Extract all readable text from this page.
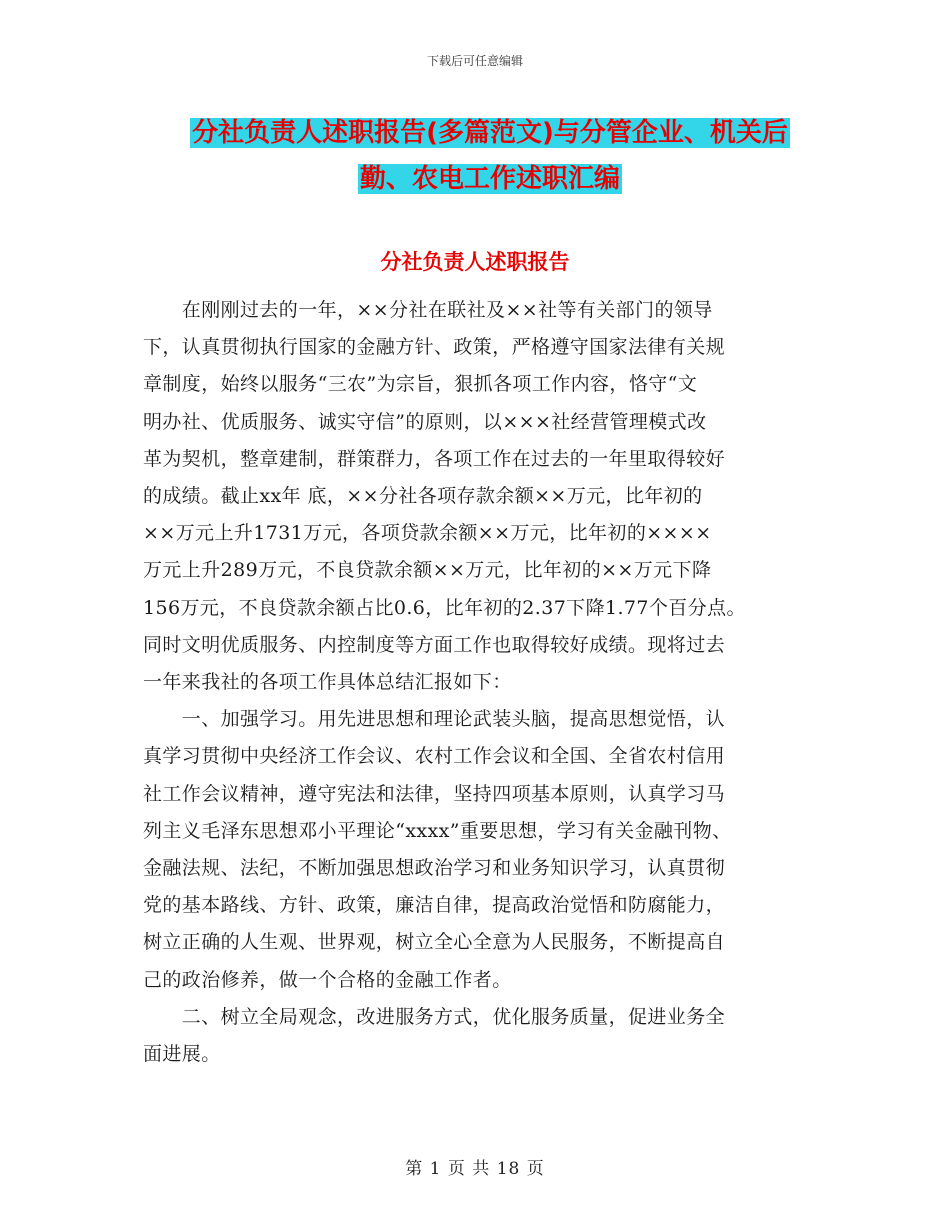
下载后可任意编辑
分社负责人述职报告(多篇范文)与分管企业、机关后
勤、农电工作述职汇编
分社负责人述职报告

　　在刚刚过去的一年，××分社在联社及××社等有关部门的领导
下，认真贯彻执行国家的金融方针、政策，严格遵守国家法律有关规
章制度，始终以服务“三农”为宗旨，狠抓各项工作内容，恪守“文
明办社、优质服务、诚实守信”的原则，以×××社经营管理模式改
革为契机，整章建制，群策群力，各项工作在过去的一年里取得较好
的成绩。截止xx年 底，××分社各项存款余额××万元，比年初的
××万元上升1731万元，各项贷款余额××万元，比年初的××××
万元上升289万元，不良贷款余额××万元，比年初的××万元下降
156万元，不良贷款余额占比0.6，比年初的2.37下降1.77个百分点。
同时文明优质服务、内控制度等方面工作也取得较好成绩。现将过去
一年来我社的各项工作具体总结汇报如下：

　　一、加强学习。用先进思想和理论武装头脑，提高思想觉悟，认
真学习贯彻中央经济工作会议、农村工作会议和全国、全省农村信用
社工作会议精神，遵守宪法和法律，坚持四项基本原则，认真学习马
列主义毛泽东思想邓小平理论“xxxx”重要思想，学习有关金融刊物、
金融法规、法纪，不断加强思想政治学习和业务知识学习，认真贯彻
党的基本路线、方针、政策，廉洁自律，提高政治觉悟和防腐能力，
树立正确的人生观、世界观，树立全心全意为人民服务，不断提高自
己的政治修养，做一个合格的金融工作者。

　　二、树立全局观念，改进服务方式，优化服务质量，促进业务全
面进展。

第 1 页 共 18 页
